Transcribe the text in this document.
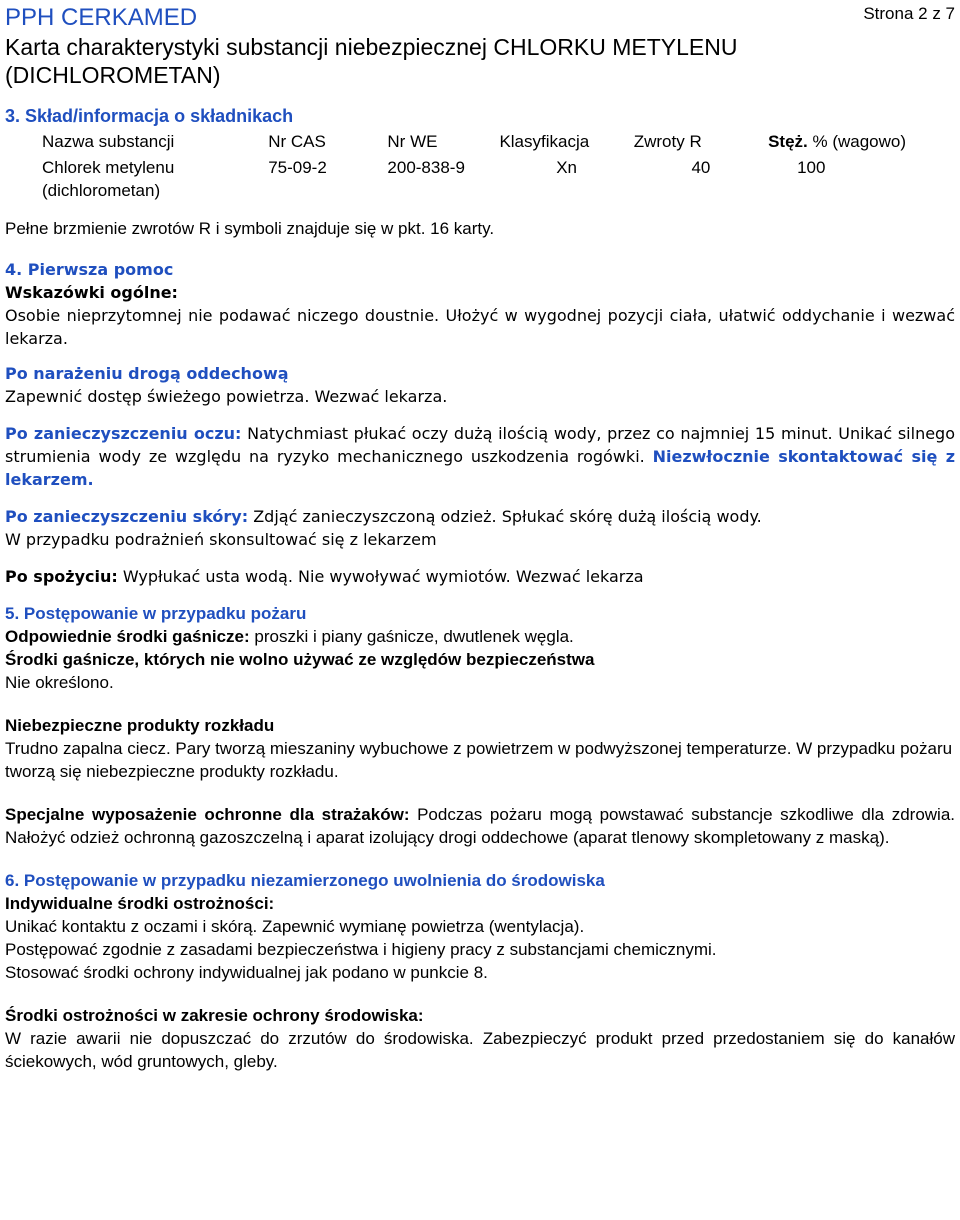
PPH CERKAMED	Strona 2 z 7
Karta charakterystyki substancji niebezpiecznej CHLORKU METYLENU
(DICHLOROMETAN)

3. Skład/informacja o składnikach

Nazwa substancji	Nr CAS	Nr WE	Klasyfikacja	Zwroty R	Stęż. % (wagowo)

Chlorek metylenu
(dichlorometan)	75-09-2	200-838-9	Xn	40	100

Pełne brzmienie zwrotów R i symboli znajduje się w pkt. 16 karty.

4. Pierwsza pomoc

Wskazówki ogólne:

Osobie nieprzytomnej nie podawać niczego doustnie. Ułożyć w wygodnej pozycji ciała, ułatwić oddychanie i wezwać lekarza.

Po narażeniu drogą oddechową

Zapewnić dostęp świeżego powietrza. Wezwać lekarza.

Po zanieczyszczeniu oczu: Natychmiast płukać oczy dużą ilością wody, przez co najmniej 15 minut. Unikać silnego strumienia wody ze względu na ryzyko mechanicznego uszkodzenia rogówki. Niezwłocznie skontaktować się z lekarzem.

Po zanieczyszczeniu skóry: Zdjąć zanieczyszczoną odzież. Spłukać skórę dużą ilością wody.

W przypadku podrażnień skonsultować się z lekarzem

Po spożyciu: Wypłukać usta wodą. Nie wywoływać wymiotów. Wezwać lekarza

5. Postępowanie w przypadku pożaru

Odpowiednie środki gaśnicze: proszki i piany gaśnicze, dwutlenek węgla.

Środki gaśnicze, których nie wolno używać ze względów bezpieczeństwa

Nie określono.

Niebezpieczne produkty rozkładu

Trudno zapalna ciecz. Pary tworzą mieszaniny wybuchowe z powietrzem w podwyższonej temperaturze. W przypadku pożaru tworzą się niebezpieczne produkty rozkładu.

Specjalne wyposażenie ochronne dla strażaków: Podczas pożaru mogą powstawać substancje szkodliwe dla zdrowia. Nałożyć odzież ochronną gazoszczelną i aparat izolujący drogi oddechowe (aparat tlenowy skompletowany z maską).

6. Postępowanie w przypadku niezamierzonego uwolnienia do środowiska

Indywidualne środki ostrożności:

Unikać kontaktu z oczami i skórą. Zapewnić wymianę powietrza (wentylacja).

Postępować zgodnie z zasadami bezpieczeństwa i higieny pracy z substancjami chemicznymi.

Stosować środki ochrony indywidualnej jak podano w punkcie 8.

Środki ostrożności w zakresie ochrony środowiska:

W razie awarii nie dopuszczać do zrzutów do środowiska. Zabezpieczyć produkt przed przedostaniem się do kanałów ściekowych, wód gruntowych, gleby.
